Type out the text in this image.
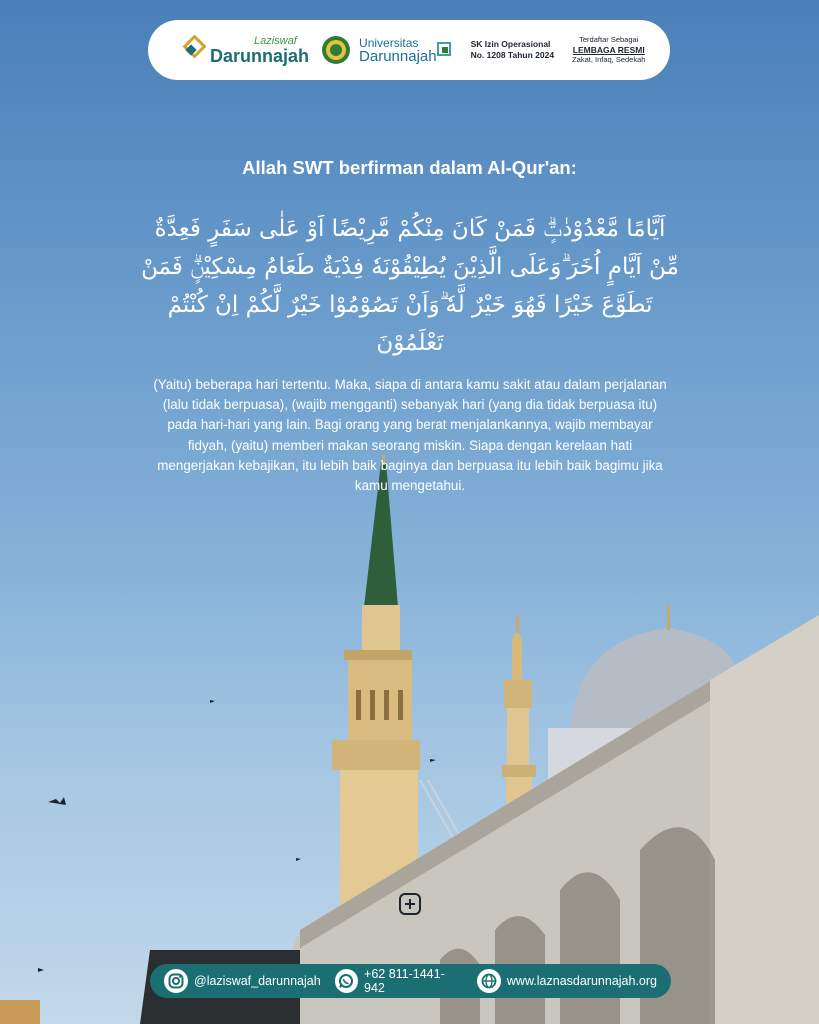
Laziswaf
Darunnajah
Universitas
Darunnajah
SK Izin Operasional
No. 1208 Tahun 2024
Terdaftar Sebagai
LEMBAGA RESMI
Zakat, Infaq, Sedekah
Allah SWT berfirman dalam Al-Qur'an:
اَيَّامًا مَّعْدُوْدٰتٍۗ فَمَنْ كَانَ مِنْكُمْ مَّرِيْضًا اَوْ عَلٰى سَفَرٍ فَعِدَّةٌ مِّنْ اَيَّامٍ اُخَرَ ۗوَعَلَى الَّذِيْنَ يُطِيْقُوْنَهٗ فِدْيَةٌ طَعَامُ مِسْكِيْنٍۗ فَمَنْ تَطَوَّعَ خَيْرًا فَهُوَ خَيْرٌ لَّهٗ ۗوَاَنْ تَصُوْمُوْا خَيْرٌ لَّكُمْ اِنْ كُنْتُمْ تَعْلَمُوْنَ
(Yaitu) beberapa hari tertentu. Maka, siapa di antara kamu sakit atau dalam perjalanan (lalu tidak berpuasa), (wajib mengganti) sebanyak hari (yang dia tidak berpuasa itu) pada hari-hari yang lain. Bagi orang yang berat menjalankannya, wajib membayar fidyah, (yaitu) memberi makan seorang miskin. Siapa dengan kerelaan hati mengerjakan kebajikan, itu lebih baik baginya dan berpuasa itu lebih baik bagimu jika kamu mengetahui.
@laziswaf_darunnajah	+62 811-1441-942	www.laznasdarunnajah.org
